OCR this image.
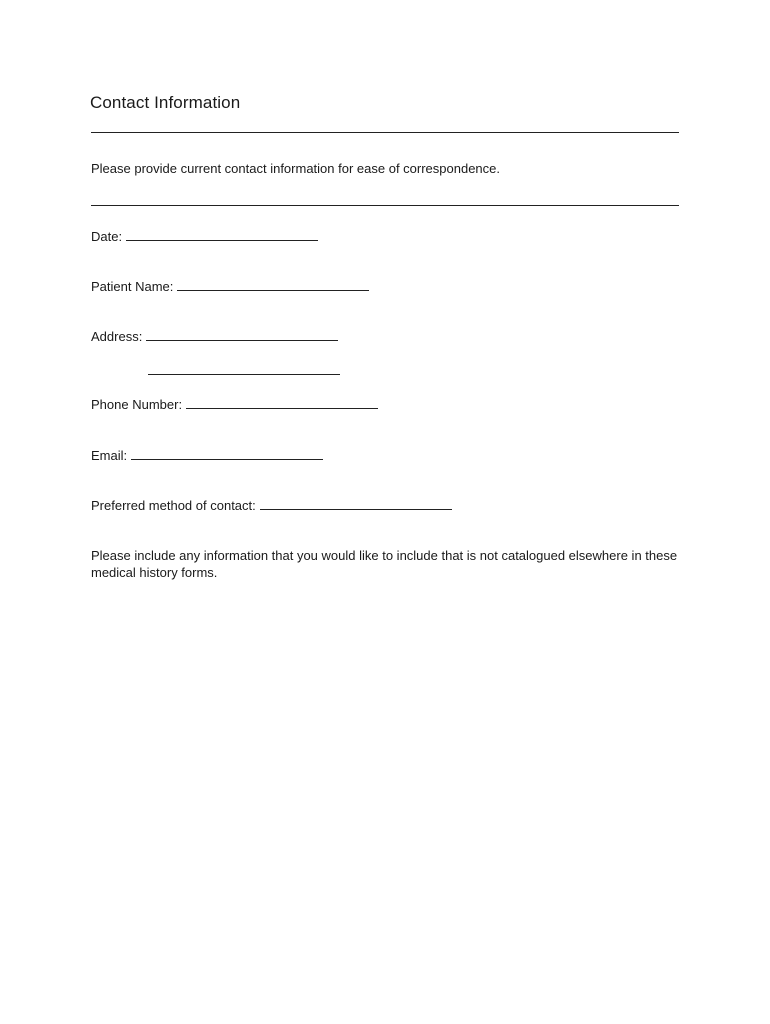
Contact Information
Please provide current contact information for ease of correspondence.
Date:
Patient Name:
Address:
Phone Number:
Email:
Preferred method of contact:
Please include any information that you would like to include that is not catalogued elsewhere in these medical history forms.
